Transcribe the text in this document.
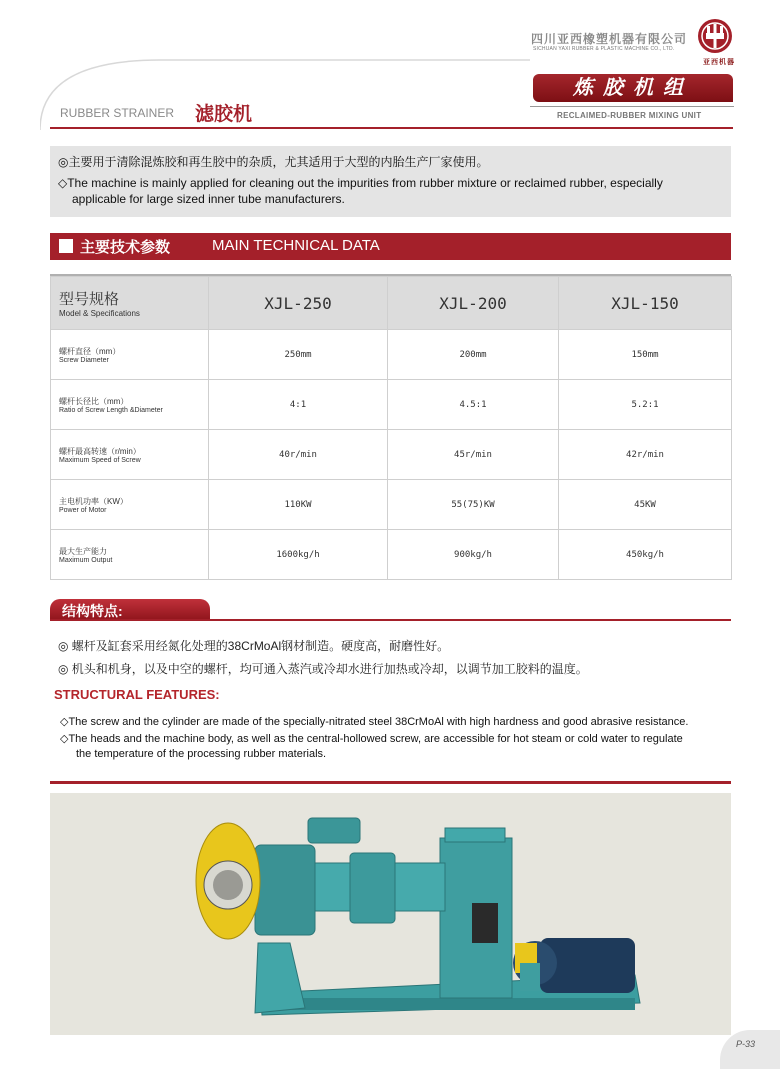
四川亚西橡塑机器有限公司
SICHUAN YAXI RUBBER & PLASTIC MACHINE CO., LTD.
亚西机器
炼胶机组
RECLAIMED-RUBBER MIXING UNIT
RUBBER STRAINER 滤胶机

◎主要用于清除混炼胶和再生胶中的杂质，尤其适用于大型的内胎生产厂家使用。

◇The machine is mainly applied for cleaning out the impurities from rubber mixture or reclaimed rubber, especially

applicable for large sized inner tube manufacturers.

主要技术参数	MAIN TECHNICAL DATA
型号规格
Model & Specifications	XJL-250	XJL-200	XJL-150

螺杆直径（mm）
Screw Diameter	250mm	200mm	150mm

螺杆长径比（mm）
Ratio of Screw Length &Diameter	4:1	4.5:1	5.2:1

螺杆最高转速（r/min）
Maximum Speed of Screw	40r/min	45r/min	42r/min

主电机功率（KW）
Power of Motor	110KW	55(75)KW	45KW

最大生产能力
Maximum Output	1600kg/h	900kg/h	450kg/h
结构特点:
◎ 螺杆及缸套采用经氮化处理的38CrMoAl钢材制造。硬度高，耐磨性好。
◎ 机头和机身，以及中空的螺杆，均可通入蒸汽或冷却水进行加热或冷却，以调节加工胶料的温度。
STRUCTURAL FEATURES:
◇The screw and the cylinder are made of the specially-nitrated steel 38CrMoAl with high hardness and good abrasive resistance.
◇The heads and the machine body, as well as the central-hollowed screw, are accessible for hot steam or cold water to regulate
the temperature of the processing rubber materials.
P-33
